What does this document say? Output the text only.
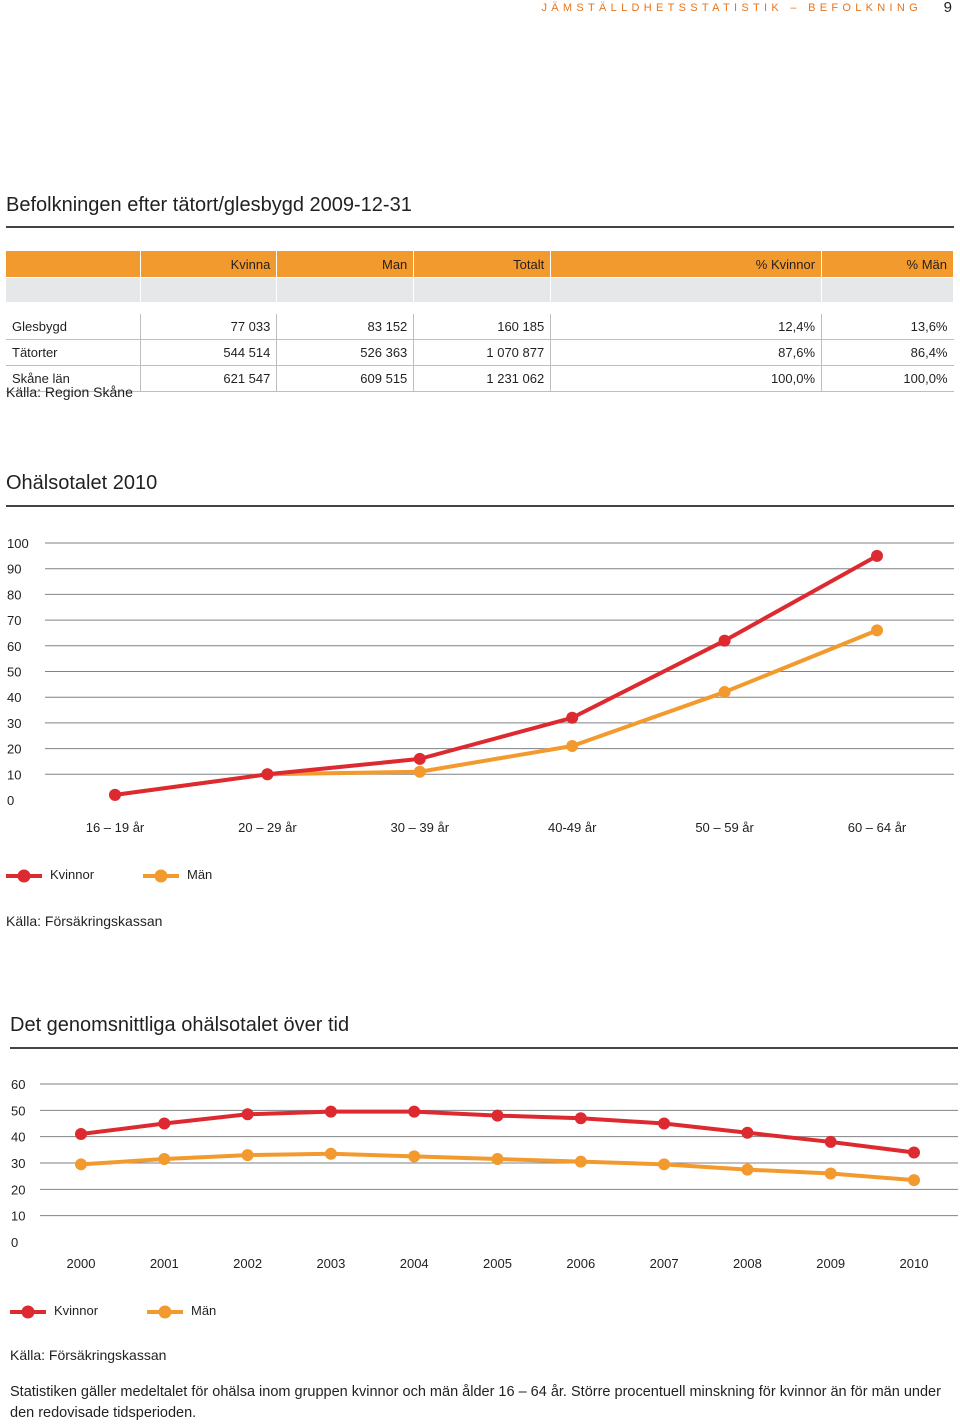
JÄMSTÄLLDHETSSTATISTIK – BEFOLKNING 9
Befolkningen efter tätort/glesbygd 2009-12-31
	Kvinna	Man	Totalt	% Kvinnor	% Män

Glesbygd	77 033	83 152	160 185	12,4%	13,6%
Tätorter	544 514	526 363	1 070 877	87,6%	86,4%
Skåne län	621 547	609 515	1 231 062	100,0%	100,0%
Källa: Region Skåne
Ohälsotalet 2010
0
10
20
30
40
50
60
70
80
90
100
16 – 19 år	20 – 29 år	30 – 39 år	40-49 år	50 – 59 år	60 – 64 år
Kvinnor	Män
Källa: Försäkringskassan
Det genomsnittliga ohälsotalet över tid
0
10
20
30
40
50
60
2000	2001	2002	2003	2004	2005	2006	2007	2008	2009	2010
Kvinnor	Män
Källa: Försäkringskassan
Statistiken gäller medeltalet för ohälsa inom gruppen kvinnor och män ålder 16 – 64 år. Större procentuell minskning för kvinnor än för män under den redovisade tidsperioden.
